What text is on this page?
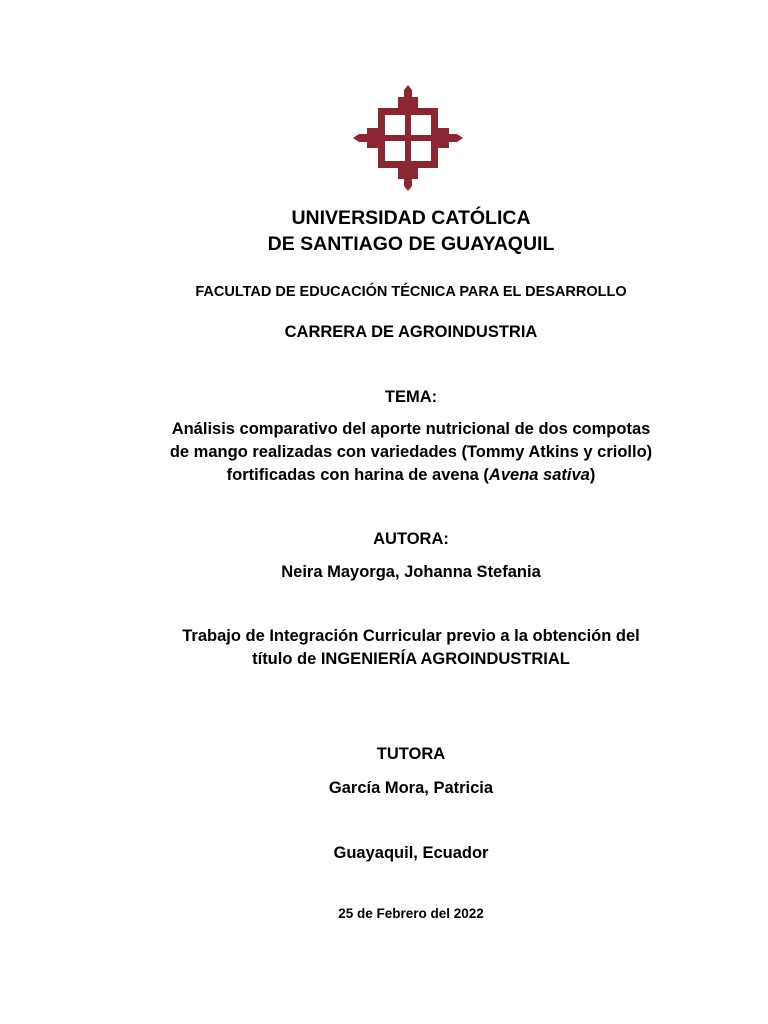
UNIVERSIDAD CATÓLICA
DE SANTIAGO DE GUAYAQUIL
FACULTAD DE EDUCACIÓN TÉCNICA PARA EL DESARROLLO
CARRERA DE AGROINDUSTRIA
TEMA:
Análisis comparativo del aporte nutricional de dos compotas
de mango realizadas con variedades (Tommy Atkins y criollo)
fortificadas con harina de avena (Avena sativa)
AUTORA:
Neira Mayorga, Johanna Stefania
Trabajo de Integración Curricular previo a la obtención del
título de INGENIERÍA AGROINDUSTRIAL
TUTORA
García Mora, Patricia
Guayaquil, Ecuador
25 de Febrero del 2022
